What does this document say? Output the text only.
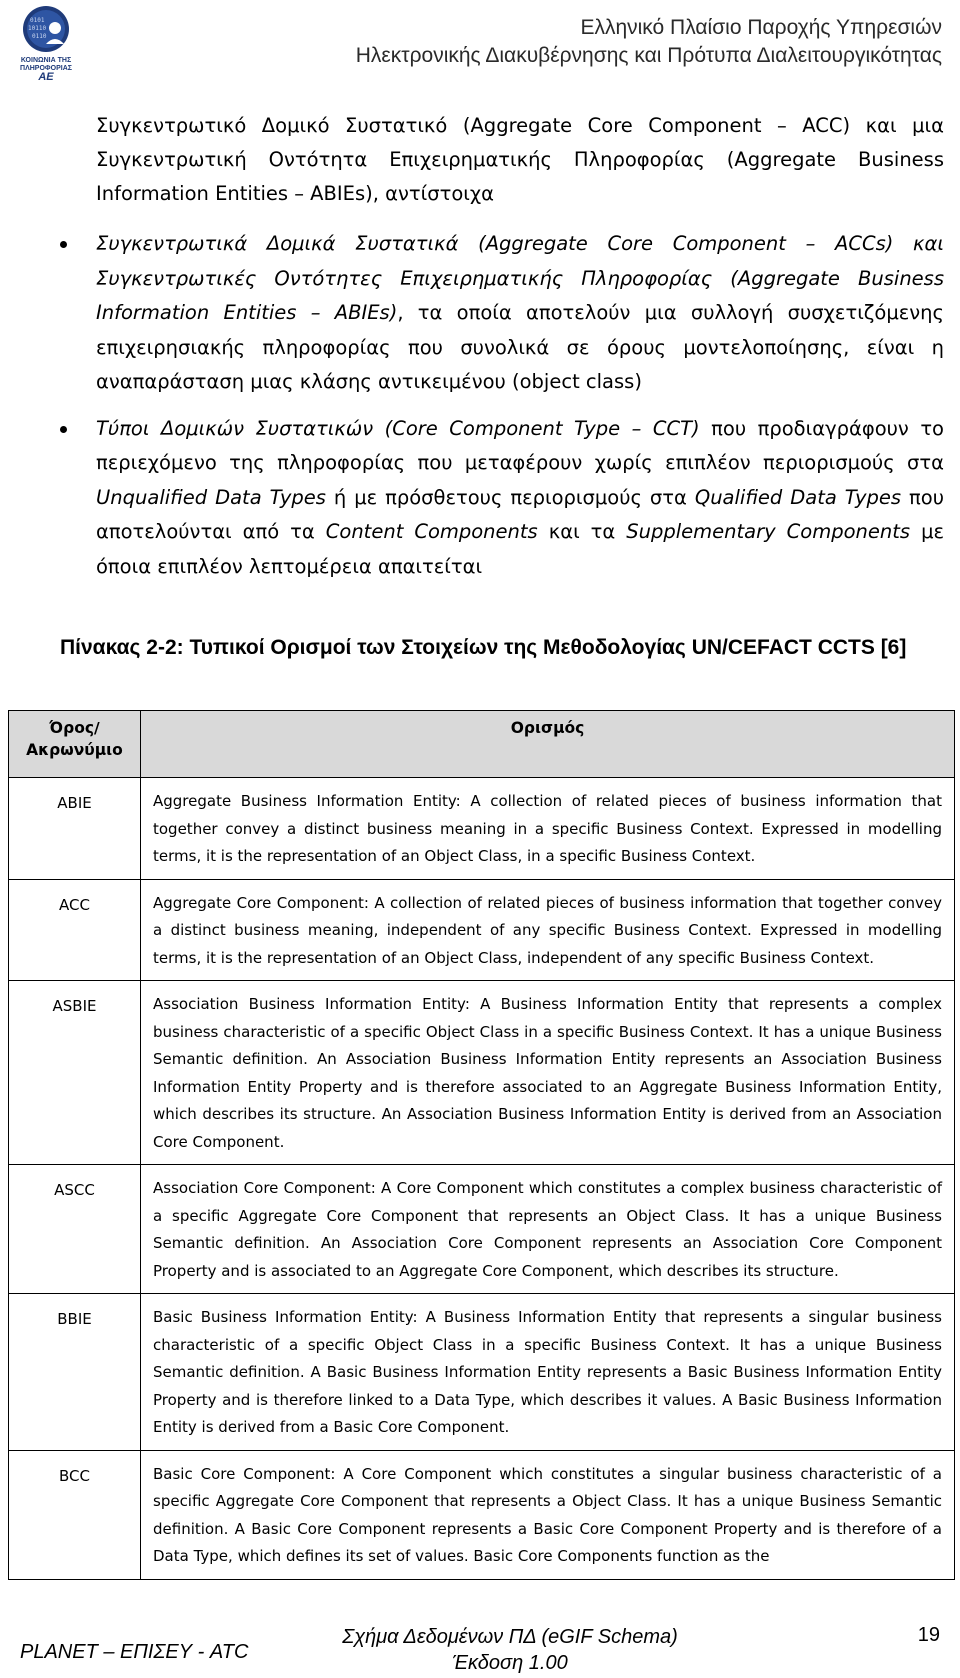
0101
10110
0110
ΚΟΙΝΩΝΙΑ ΤΗΣ
ΠΛΗΡΟΦΟΡΙΑΣ ΑΕ
Ελληνικό Πλαίσιο Παροχής Υπηρεσιών
Ηλεκτρονικής Διακυβέρνησης και Πρότυπα Διαλειτουργικότητας
Συγκεντρωτικό Δομικό Συστατικό (Aggregate Core Component – ACC) και μια Συγκεντρωτική Οντότητα Επιχειρηματικής Πληροφορίας (Aggregate Business Information Entities – ABIEs), αντίστοιχα
Συγκεντρωτικά Δομικά Συστατικά (Aggregate Core Component – ACCs) και Συγκεντρωτικές Οντότητες Επιχειρηματικής Πληροφορίας (Aggregate Business Information Entities – ABIEs), τα οποία αποτελούν μια συλλογή συσχετιζόμενης επιχειρησιακής πληροφορίας που συνολικά σε όρους μοντελοποίησης, είναι η αναπαράσταση μιας κλάσης αντικειμένου (object class)
Τύποι Δομικών Συστατικών (Core Component Type – CCT) που προδιαγράφουν το περιεχόμενο της πληροφορίας που μεταφέρουν χωρίς επιπλέον περιορισμούς στα Unqualified Data Types ή με πρόσθετους περιορισμούς στα Qualified Data Types που αποτελούνται από τα Content Components και τα Supplementary Components με όποια επιπλέον λεπτομέρεια απαιτείται
Πίνακας 2-2: Τυπικοί Ορισμοί των Στοιχείων της Μεθοδολογίας UN/CEFACT CCTS [6]
Όρος/
Ακρωνύμιο	Ορισμός
ABIE	Aggregate Business Information Entity: A collection of related pieces of business information that together convey a distinct business meaning in a specific Business Context. Expressed in modelling terms, it is the representation of an Object Class, in a specific Business Context.
ACC	Aggregate Core Component: A collection of related pieces of business information that together convey a distinct business meaning, independent of any specific Business Context. Expressed in modelling terms, it is the representation of an Object Class, independent of any specific Business Context.
ASBIE	Association Business Information Entity: A Business Information Entity that represents a complex business characteristic of a specific Object Class in a specific Business Context. It has a unique Business Semantic definition. An Association Business Information Entity represents an Association Business Information Entity Property and is therefore associated to an Aggregate Business Information Entity, which describes its structure. An Association Business Information Entity is derived from an Association Core Component.
ASCC	Association Core Component: A Core Component which constitutes a complex business characteristic of a specific Aggregate Core Component that represents an Object Class. It has a unique Business Semantic definition. An Association Core Component represents an Association Core Component Property and is associated to an Aggregate Core Component, which describes its structure.
BBIE	Basic Business Information Entity: A Business Information Entity that represents a singular business characteristic of a specific Object Class in a specific Business Context. It has a unique Business Semantic definition. A Basic Business Information Entity represents a Basic Business Information Entity Property and is therefore linked to a Data Type, which describes it values. A Basic Business Information Entity is derived from a Basic Core Component.
BCC	Basic Core Component: A Core Component which constitutes a singular business characteristic of a specific Aggregate Core Component that represents a Object Class. It has a unique Business Semantic definition. A Basic Core Component represents a Basic Core Component Property and is therefore of a Data Type, which defines its set of values. Basic Core Components function as the
PLANET – ΕΠΙΣΕΥ - ATC
Σχήμα Δεδομένων ΠΔ (eGIF Schema)
Έκδοση 1.00
19
